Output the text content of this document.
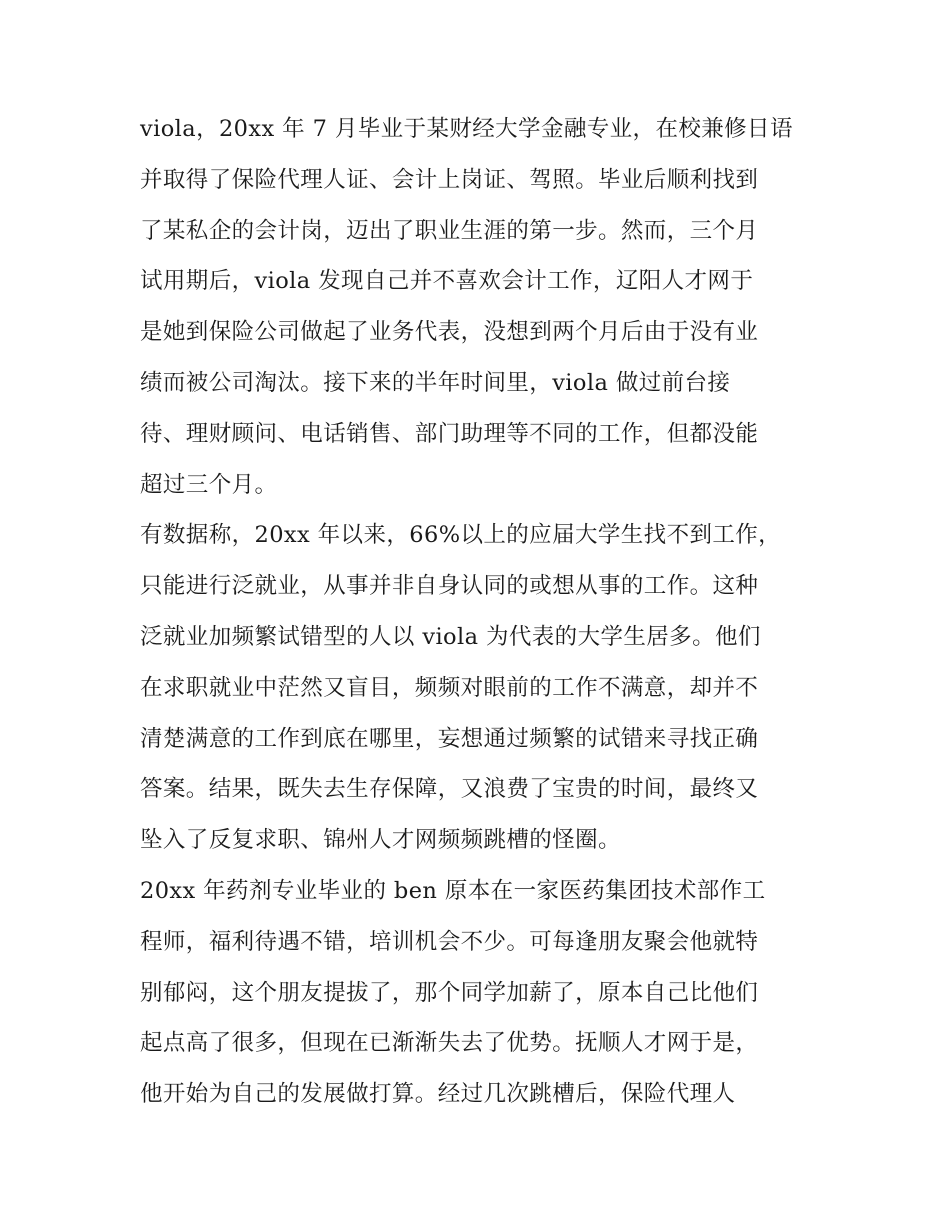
viola，20xx 年 7 月毕业于某财经大学金融专业，在校兼修日语
并取得了保险代理人证、会计上岗证、驾照。毕业后顺利找到
了某私企的会计岗，迈出了职业生涯的第一步。然而，三个月
试用期后，viola 发现自己并不喜欢会计工作，辽阳人才网于
是她到保险公司做起了业务代表，没想到两个月后由于没有业
绩而被公司淘汰。接下来的半年时间里，viola 做过前台接
待、理财顾问、电话销售、部门助理等不同的工作，但都没能
超过三个月。
有数据称，20xx 年以来，66%以上的应届大学生找不到工作，
只能进行泛就业，从事并非自身认同的或想从事的工作。这种
泛就业加频繁试错型的人以 viola 为代表的大学生居多。他们
在求职就业中茫然又盲目，频频对眼前的工作不满意，却并不
清楚满意的工作到底在哪里，妄想通过频繁的试错来寻找正确
答案。结果，既失去生存保障，又浪费了宝贵的时间，最终又
坠入了反复求职、锦州人才网频频跳槽的怪圈。
20xx 年药剂专业毕业的 ben 原本在一家医药集团技术部作工
程师，福利待遇不错，培训机会不少。可每逢朋友聚会他就特
别郁闷，这个朋友提拔了，那个同学加薪了，原本自己比他们
起点高了很多，但现在已渐渐失去了优势。抚顺人才网于是，
他开始为自己的发展做打算。经过几次跳槽后，保险代理人
